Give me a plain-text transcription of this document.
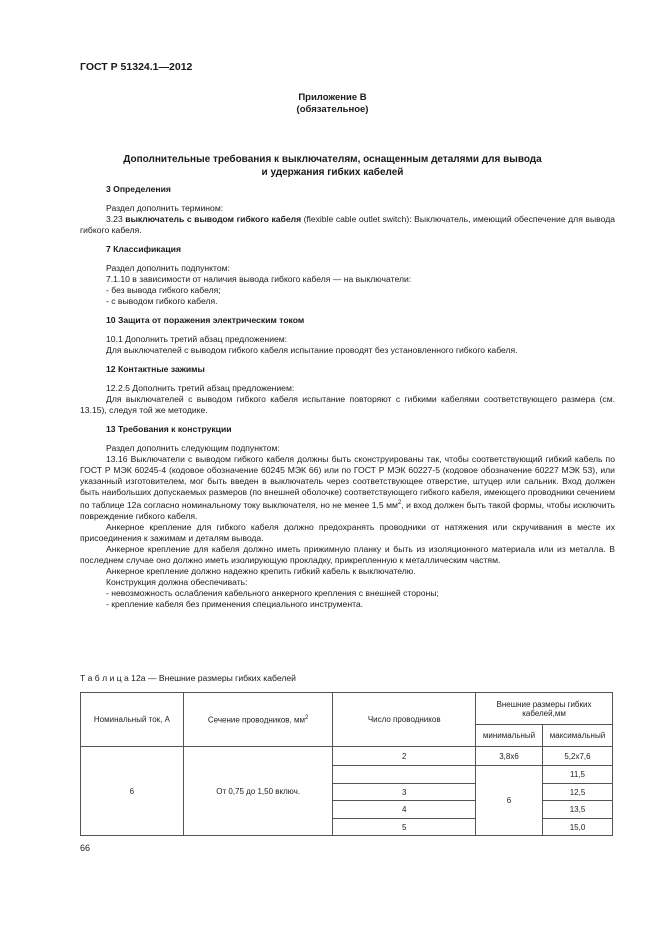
ГОСТ Р 51324.1—2012
Приложение В
(обязательное)
Дополнительные требования к выключателям, оснащенным деталями для вывода
и удержания гибких кабелей

3 Определения

Раздел дополнить термином:

3.23 выключатель с выводом гибкого кабеля (flexible cable outlet switch): Выключатель, имеющий обеспечение для вывода гибкого кабеля.

7 Классификация

Раздел дополнить подпунктом:

7.1.10 в зависимости от наличия вывода гибкого кабеля — на выключатели:

- без вывода гибкого кабеля;

- с выводом гибкого кабеля.

10 Защита от поражения электрическим током

10.1 Дополнить третий абзац предложением:

Для выключателей с выводом гибкого кабеля испытание проводят без установленного гибкого кабеля.

12 Контактные зажимы

12.2.5 Дополнить третий абзац предложением:

Для выключателей с выводом гибкого кабеля испытание повторяют с гибкими кабелями соответствующего размера (см. 13.15), следуя той же методике.

13 Требования к конструкции

Раздел дополнить следующим подпунктом:

13.16 Выключатели с выводом гибкого кабеля должны быть сконструированы так, чтобы соответствующий гибкий кабель по ГОСТ Р МЭК 60245-4 (кодовое обозначение 60245 МЭК 66) или по ГОСТ Р МЭК 60227-5 (кодовое обозначение 60227 МЭК 53), или указанный изготовителем, мог быть введен в выключатель через соответствующее отверстие, штуцер или сальник. Вход должен быть наибольших допускаемых размеров (по внешней оболочке) соответствующего гибкого кабеля, имеющего проводники сечением по таблице 12а согласно номинальному току выключателя, но не менее 1,5 $мм^2$, и вход должен быть такой формы, чтобы исключить повреждение гибкого кабеля.

Анкерное крепление для гибкого кабеля должно предохранять проводники от натяжения или скручивания в месте их присоединения к зажимам и деталям вывода.

Анкерное крепление для кабеля должно иметь прижимную планку и быть из изоляционного материала или из металла. В последнем случае оно должно иметь изолирующую прокладку, прикрепленную к металлическим частям.

Анкерное крепление должно надежно крепить гибкий кабель к выключателю.

Конструкция должна обеспечивать:

- невозможность ослабления кабельного анкерного крепления с внешней стороны;

- крепление кабеля без применения специального инструмента.

Т а б л и ц а 12а — Внешние размеры гибких кабелей
Номинальный ток, А	Сечение проводников, $мм^2$	Число проводников	Внешние размеры гибких кабелей,мм	
			минимальный	максимальный
6	От 0,75 до 1,50 включ.	2	3,8х6	5,2х7,6
			6	11,5
		3		12,5
		4		13,5
		5		15,0
66
